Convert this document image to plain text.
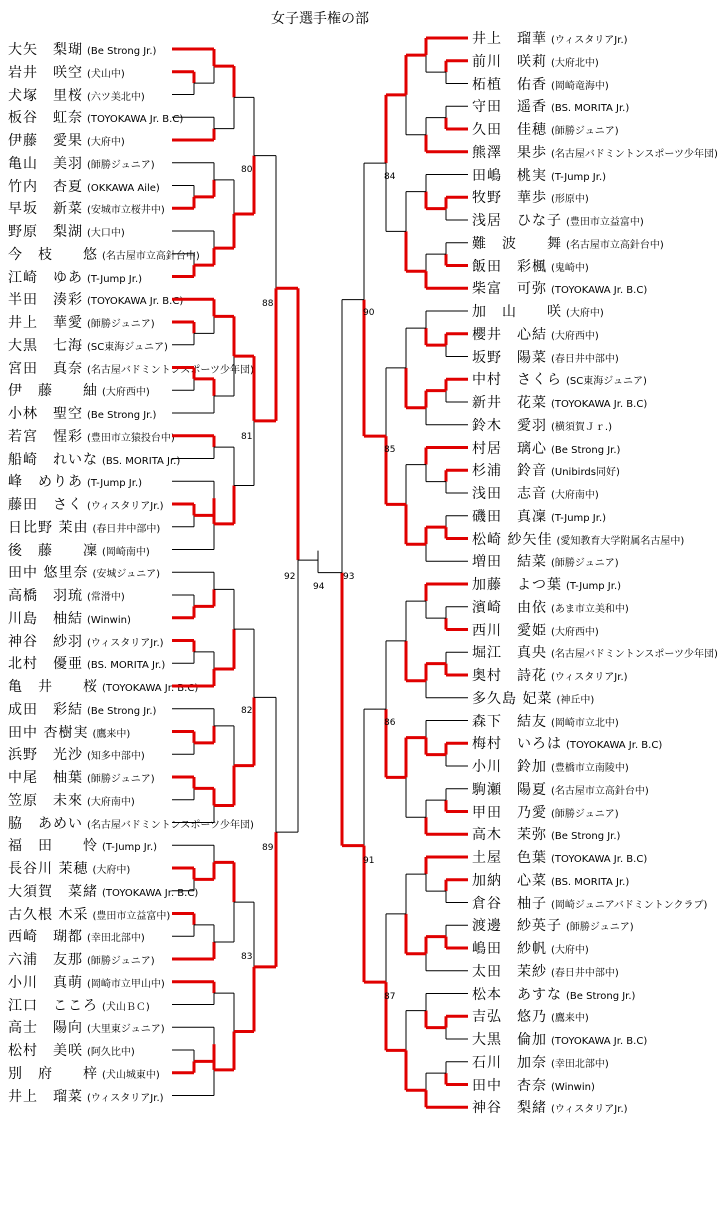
女子選手権の部
大矢　梨瑚 (Be Strong Jr.)
岩井　咲空 (犬山中)
犬塚　里桜 (六ツ美北中)
板谷　虹奈 (TOYOKAWA Jr. B.C)
伊藤　愛果 (大府中)
亀山　美羽 (師勝ジュニア)
竹内　杏夏 (OKKAWA Aile)
早坂　新菜 (安城市立桜井中)
野原　梨湖 (大口中)
今　枝　　悠 (名古屋市立高針台中)
江崎　ゆあ (T-Jump Jr.)
半田　湊彩 (TOYOKAWA Jr. B.C)
井上　華愛 (師勝ジュニア)
大黒　七海 (SC東海ジュニア)
宮田　真奈 (名古屋バドミントンスポーツ少年団)
伊　藤　　紬 (大府西中)
小林　聖空 (Be Strong Jr.)
若宮　惺彩 (豊田市立猿投台中)
船崎　れいな (BS. MORITA Jr.)
峰　めりあ (T-Jump Jr.)
藤田　さく (ウィスタリアJr.)
日比野 茉由 (春日井中部中)
後　藤　　凜 (岡崎南中)
田中 悠里奈 (安城ジュニア)
高橋　羽琉 (常滑中)
川島　柚結 (Winwin)
神谷　紗羽 (ウィスタリアJr.)
北村　優亜 (BS. MORITA Jr.)
亀　井　　桜 (TOYOKAWA Jr. B.C)
成田　彩結 (Be Strong Jr.)
田中 杏樹実 (鷹来中)
浜野　光沙 (知多中部中)
中尾　柚葉 (師勝ジュニア)
笠原　未來 (大府南中)
脇　あめい (名古屋バドミントンスポーツ少年団)
福　田　　怜 (T-Jump Jr.)
長谷川 茉穂 (大府中)
大須賀　菜緒 (TOYOKAWA Jr. B.C)
古久根 木采 (豊田市立益富中)
西崎　瑚都 (幸田北部中)
六浦　友那 (師勝ジュニア)
小川　真萌 (岡崎市立甲山中)
江口　こころ (犬山ＢＣ)
高士　陽向 (大里東ジュニア)
松村　美咲 (阿久比中)
別　府　　梓 (犬山城東中)
井上　瑠菜 (ウィスタリアJr.)
井上　瑠華 (ウィスタリアJr.)
前川　咲莉 (大府北中)
柘植　佑香 (岡崎竜海中)
守田　遥香 (BS. MORITA Jr.)
久田　佳穂 (師勝ジュニア)
熊澤　果歩 (名古屋バドミントンスポーツ少年団)
田嶋　桃実 (T-Jump Jr.)
牧野　華歩 (形原中)
浅居　ひな子 (豊田市立益富中)
難　波　　舞 (名古屋市立高針台中)
飯田　彩楓 (鬼崎中)
柴富　可弥 (TOYOKAWA Jr. B.C)
加　山　　咲 (大府中)
櫻井　心結 (大府西中)
坂野　陽菜 (春日井中部中)
中村　さくら (SC東海ジュニア)
新井　花菜 (TOYOKAWA Jr. B.C)
鈴木　愛羽 (横須賀Ｊｒ.)
村居　璃心 (Be Strong Jr.)
杉浦　鈴音 (Unibirds同好)
浅田　志音 (大府南中)
磯田　真凜 (T-Jump Jr.)
松崎 紗矢佳 (愛知教育大学附属名古屋中)
増田　結菜 (師勝ジュニア)
加藤　よつ葉 (T-Jump Jr.)
濱崎　由依 (あま市立美和中)
西川　愛姫 (大府西中)
堀江　真央 (名古屋バドミントンスポーツ少年団)
奥村　詩花 (ウィスタリアJr.)
多久島 妃菜 (神丘中)
森下　結友 (岡崎市立北中)
梅村　いろは (TOYOKAWA Jr. B.C)
小川　鈴加 (豊橋市立南陵中)
駒瀬　陽夏 (名古屋市立高針台中)
甲田　乃愛 (師勝ジュニア)
高木　茉弥 (Be Strong Jr.)
土屋　色葉 (TOYOKAWA Jr. B.C)
加納　心菜 (BS. MORITA Jr.)
倉谷　柚子 (岡崎ジュニアバドミントンクラブ)
渡邊　紗英子 (師勝ジュニア)
嶋田　紗帆 (大府中)
太田　茉紗 (春日井中部中)
松本　あすな (Be Strong Jr.)
吉弘　悠乃 (鷹来中)
大黒　倫加 (TOYOKAWA Jr. B.C)
石川　加奈 (幸田北部中)
田中　杏奈 (Winwin)
神谷　梨緒 (ウィスタリアJr.)
80
81
82
83
88
89
92
94
93
90
91
84
85
86
87
